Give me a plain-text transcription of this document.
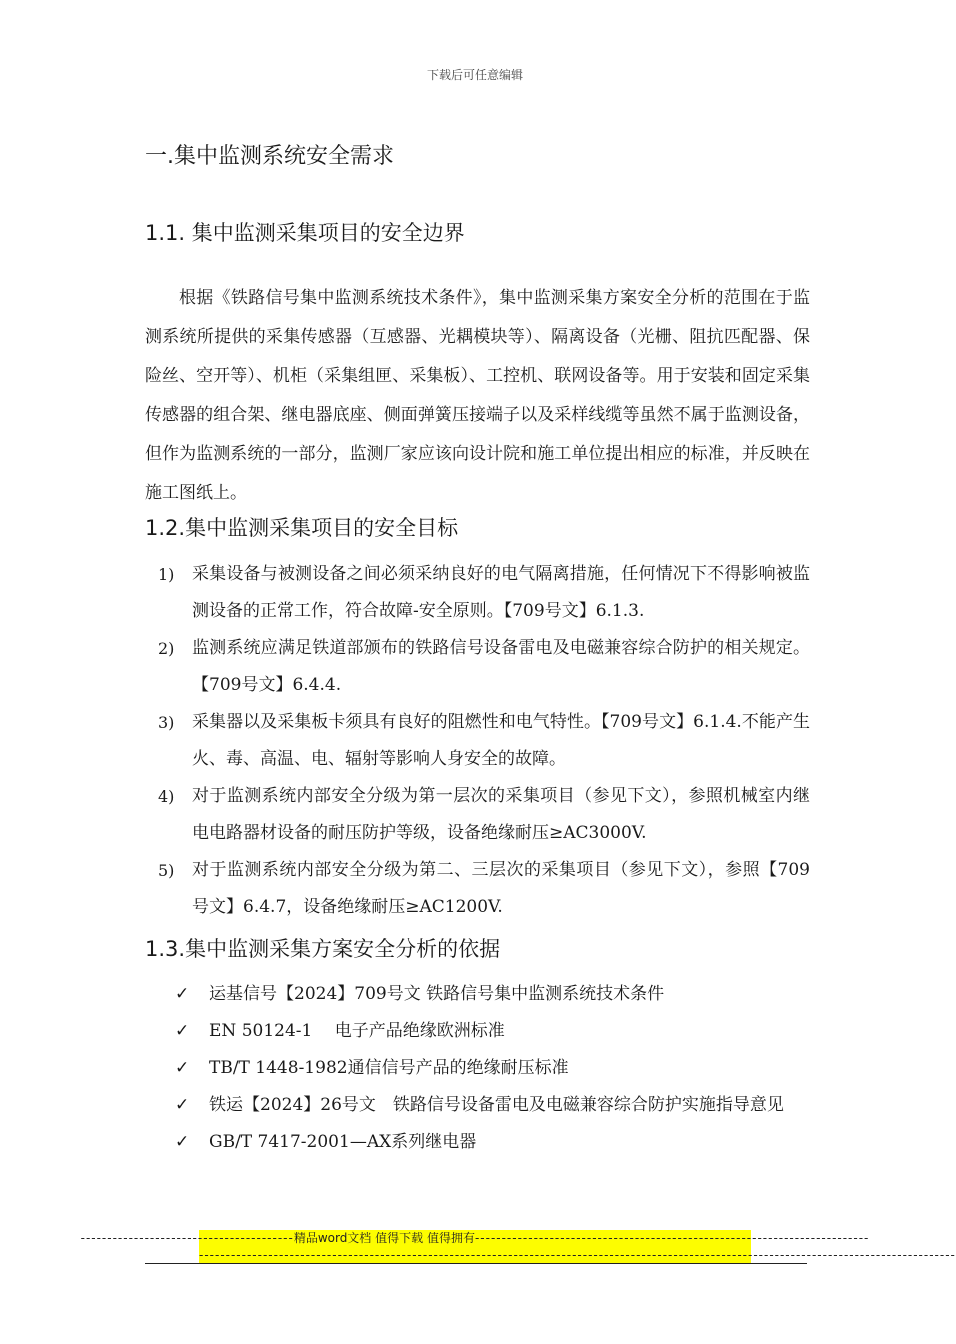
下载后可任意编辑
一.集中监测系统安全需求
1.1. 集中监测采集项目的安全边界

根据《铁路信号集中监测系统技术条件》，集中监测采集方案安全分析的范围在于监测系统所提供的采集传感器（互感器、光耦模块等）、隔离设备（光栅、阻抗匹配器、保险丝、空开等）、机柜（采集组匣、采集板）、工控机、联网设备等。用于安装和固定采集传感器的组合架、继电器底座、侧面弹簧压接端子以及采样线缆等虽然不属于监测设备，但作为监测系统的一部分，监测厂家应该向设计院和施工单位提出相应的标准，并反映在施工图纸上。

1.2.集中监测采集项目的安全目标
1) 采集设备与被测设备之间必须采纳良好的电气隔离措施，任何情况下不得影响被监测设备的正常工作，符合故障-安全原则。【709号文】6.1.3.
2) 监测系统应满足铁道部颁布的铁路信号设备雷电及电磁兼容综合防护的相关规定。【709号文】6.4.4.
3) 采集器以及采集板卡须具有良好的阻燃性和电气特性。【709号文】6.1.4.不能产生火、毒、高温、电、辐射等影响人身安全的故障。
4) 对于监测系统内部安全分级为第一层次的采集项目（参见下文），参照机械室内继电电路器材设备的耐压防护等级，设备绝缘耐压≥AC3000V.
5) 对于监测系统内部安全分级为第二、三层次的采集项目（参见下文），参照【709号文】6.4.7，设备绝缘耐压≥AC1200V.
1.3.集中监测采集方案安全分析的依据
✓ 运基信号【2024】709号文 铁路信号集中监测系统技术条件
✓ EN 50124-1　 电子产品绝缘欧洲标准
✓ TB/T 1448-1982通信信号产品的绝缘耐压标准
✓ 铁运【2024】26号文　铁路信号设备雷电及电磁兼容综合防护实施指导意见
✓ GB/T 7417-2001—AX系列继电器
---------------------------------------- 精品word文档 值得下载 值得拥有 --------------------------------------------------------------------------
----------------------------------------------------------------------------------------------------------------------------------------------
